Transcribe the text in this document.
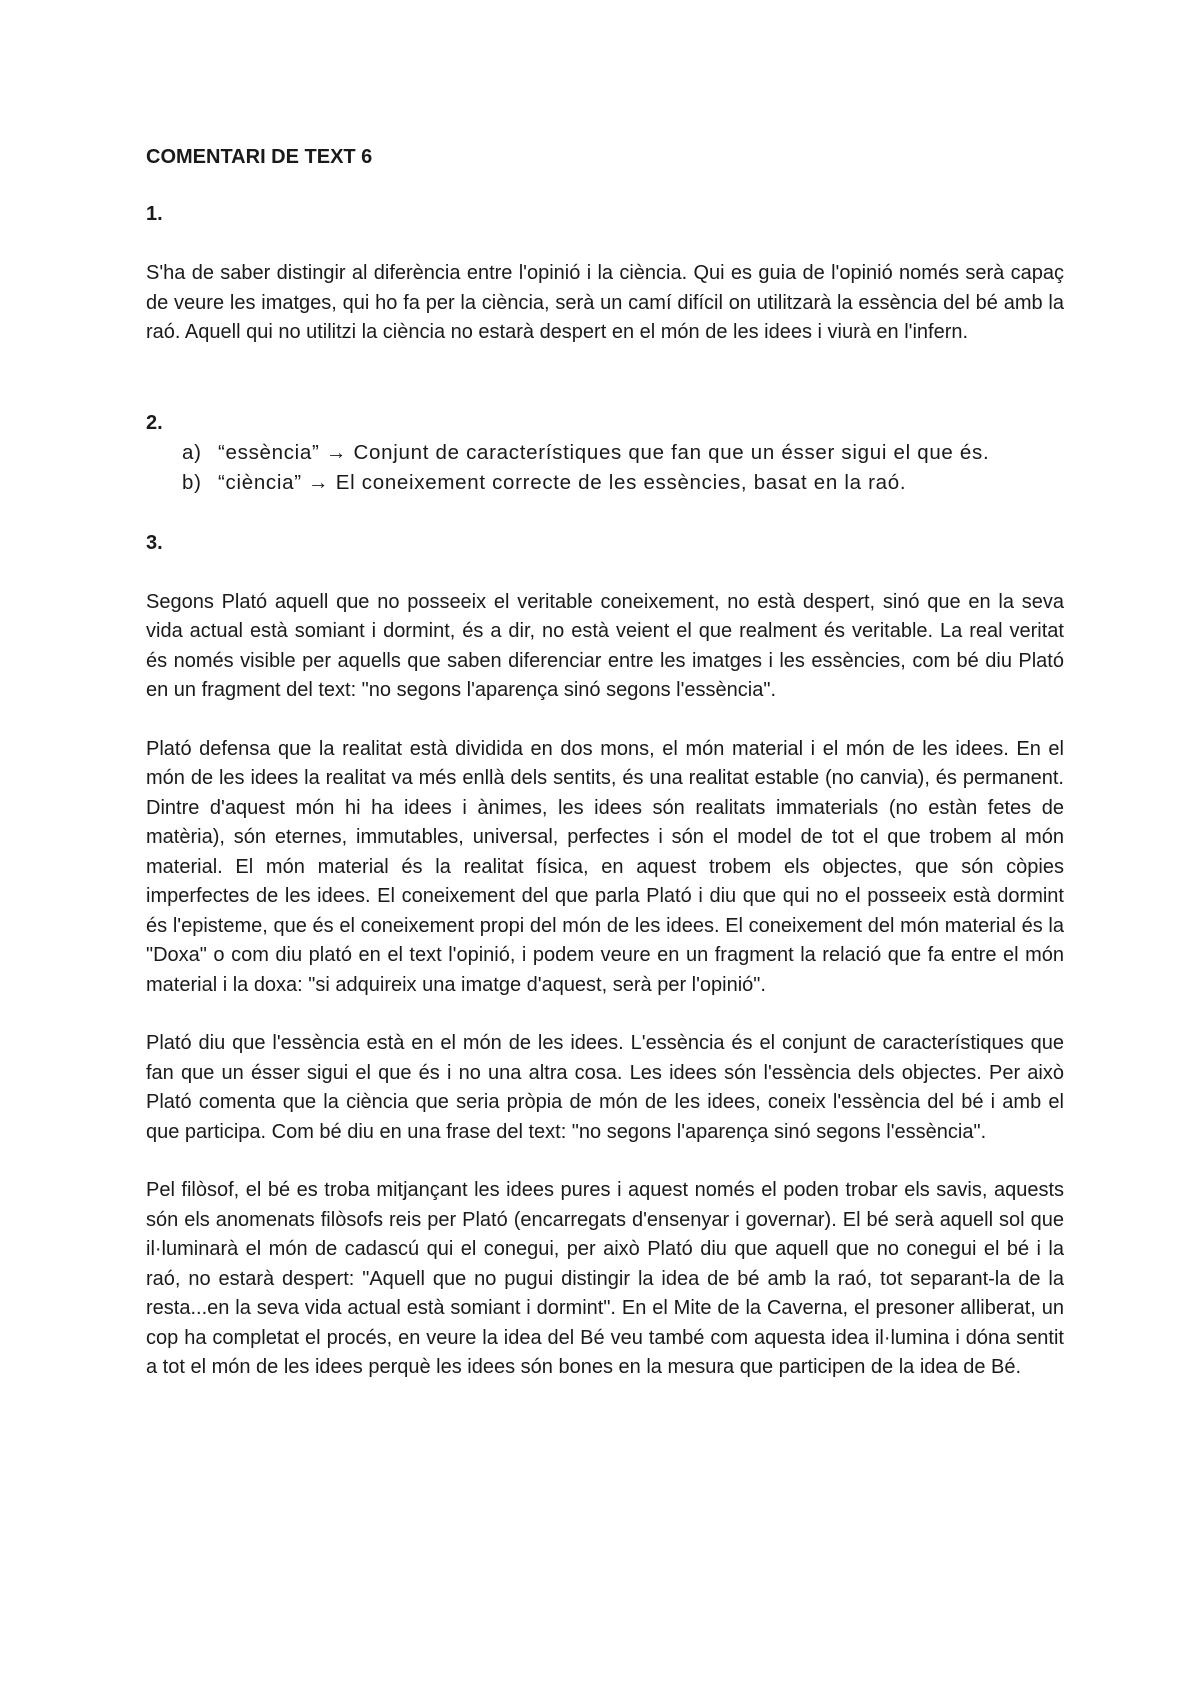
COMENTARI DE TEXT 6

1.

S'ha de saber distingir al diferència entre l'opinió i la ciència. Qui es guia de l'opinió només serà capaç de veure les imatges, qui ho fa per la ciència, serà un camí difícil on utilitzarà la essència del bé amb la raó. Aquell qui no utilitzi la ciència no estarà despert en el món de les idees i viurà en l'infern.

2.

a) “essència” → Conjunt de característiques que fan que un ésser sigui el que és.
b) “ciència” → El coneixement correcte de les essències, basat en la raó.

3.

Segons Plató aquell que no posseeix el veritable coneixement, no està despert, sinó que en la seva vida actual està somiant i dormint, és a dir, no està veient el que realment és veritable. La real veritat és només visible per aquells que saben diferenciar entre les imatges i les essències, com bé diu Plató en un fragment del text: "no segons l'aparença sinó segons l'essència".

Plató defensa que la realitat està dividida en dos mons, el món material i el món de les idees. En el món de les idees la realitat va més enllà dels sentits, és una realitat estable (no canvia), és permanent. Dintre d'aquest món hi ha idees i ànimes, les idees són realitats immaterials (no estàn fetes de matèria), són eternes, immutables, universal, perfectes i són el model de tot el que trobem al món material. El món material és la realitat física, en aquest trobem els objectes, que són còpies imperfectes de les idees. El coneixement del que parla Plató i diu que qui no el posseeix està dormint és l'episteme, que és el coneixement propi del món de les idees. El coneixement del món material és la "Doxa" o com diu plató en el text l'opinió, i podem veure en un fragment la relació que fa entre el món material i la doxa: "si adquireix una imatge d'aquest, serà per l'opinió".

Plató diu que l'essència està en el món de les idees. L'essència és el conjunt de característiques que fan que un ésser sigui el que és i no una altra cosa. Les idees són l'essència dels objectes. Per això Plató comenta que la ciència que seria pròpia de món de les idees, coneix l'essència del bé i amb el que participa. Com bé diu en una frase del text: "no segons l'aparença sinó segons l'essència".

Pel filòsof, el bé es troba mitjançant les idees pures i aquest només el poden trobar els savis, aquests són els anomenats filòsofs reis per Plató (encarregats d'ensenyar i governar). El bé serà aquell sol que il·luminarà el món de cadascú qui el conegui, per això Plató diu que aquell que no conegui el bé i la raó, no estarà despert: "Aquell que no pugui distingir la idea de bé amb la raó, tot separant-la de la resta...en la seva vida actual està somiant i dormint". En el Mite de la Caverna, el presoner alliberat, un cop ha completat el procés, en veure la idea del Bé veu també com aquesta idea il·lumina i dóna sentit a tot el món de les idees perquè les idees són bones en la mesura que participen de la idea de Bé.
